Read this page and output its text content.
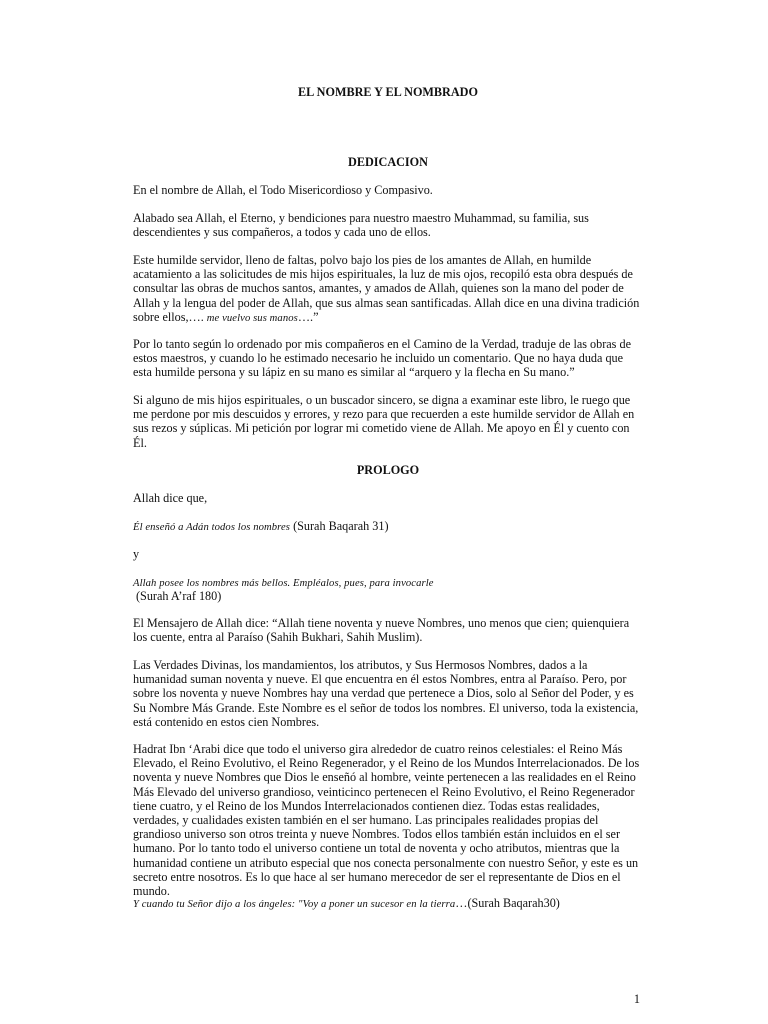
EL NOMBRE Y EL NOMBRADO

DEDICACION

En el nombre de Allah, el Todo Misericordioso y Compasivo.

Alabado sea Allah, el Eterno, y bendiciones para nuestro maestro Muhammad, su familia, sus descendientes y sus compañeros, a todos y cada uno de ellos.

Este humilde servidor, lleno de faltas, polvo bajo los pies de los amantes de Allah, en humilde acatamiento a las solicitudes de mis hijos espirituales, la luz de mis ojos, recopiló esta obra después de consultar las obras de muchos santos, amantes, y amados de Allah, quienes son la mano del poder de Allah y la lengua del poder de Allah, que sus almas sean santificadas. Allah dice en una divina tradición sobre ellos,…. me vuelvo sus manos….”

Por lo tanto según lo ordenado por mis compañeros en el Camino de la Verdad, traduje de las obras de estos maestros, y cuando lo he estimado necesario he incluido un comentario. Que no haya duda que esta humilde persona y su lápiz en su mano es similar al “arquero y la flecha en Su mano.”

Si alguno de mis hijos espirituales, o un buscador sincero, se digna a examinar este libro, le ruego que me perdone por mis descuidos y errores, y rezo para que recuerden a este humilde servidor de Allah en sus rezos y súplicas. Mi petición por lograr mi cometido viene de Allah. Me apoyo en Él y cuento con Él.

PROLOGO

Allah dice que,

Él enseñó a Adán todos los nombres (Surah Baqarah 31)

y

Allah posee los nombres más bellos. Empléalos, pues, para invocarle

(Surah A’raf 180)

El Mensajero de Allah dice: “Allah tiene noventa y nueve Nombres, uno menos que cien; quienquiera los cuente, entra al Paraíso (Sahih Bukhari, Sahih Muslim).

Las Verdades Divinas, los mandamientos, los atributos, y Sus Hermosos Nombres, dados a la humanidad suman noventa y nueve. El que encuentra en él estos Nombres, entra al Paraíso. Pero, por sobre los noventa y nueve Nombres hay una verdad que pertenece a Dios, solo al Señor del Poder, y es Su Nombre Más Grande. Este Nombre es el señor de todos los nombres. El universo, toda la existencia, está contenido en estos cien Nombres.

Hadrat Ibn ‘Arabi dice que todo el universo gira alrededor de cuatro reinos celestiales: el Reino Más Elevado, el Reino Evolutivo, el Reino Regenerador, y el Reino de los Mundos Interrelacionados. De los noventa y nueve Nombres que Dios le enseñó al hombre, veinte pertenecen a las realidades en el Reino Más Elevado del universo grandioso, veinticinco pertenecen el Reino Evolutivo, el Reino Regenerador tiene cuatro, y el Reino de los Mundos Interrelacionados contienen diez. Todas estas realidades, verdades, y cualidades existen también en el ser humano. Las principales realidades propias del grandioso universo son otros treinta y nueve Nombres. Todos ellos también están incluidos en el ser humano. Por lo tanto todo el universo contiene un total de noventa y ocho atributos, mientras que la humanidad contiene un atributo especial que nos conecta personalmente con nuestro Señor, y este es un secreto entre nosotros. Es lo que hace al ser humano merecedor de ser el representante de Dios en el mundo.

Y cuando tu Señor dijo a los ángeles: "Voy a poner un sucesor en la tierra…(Surah Baqarah30)

1
